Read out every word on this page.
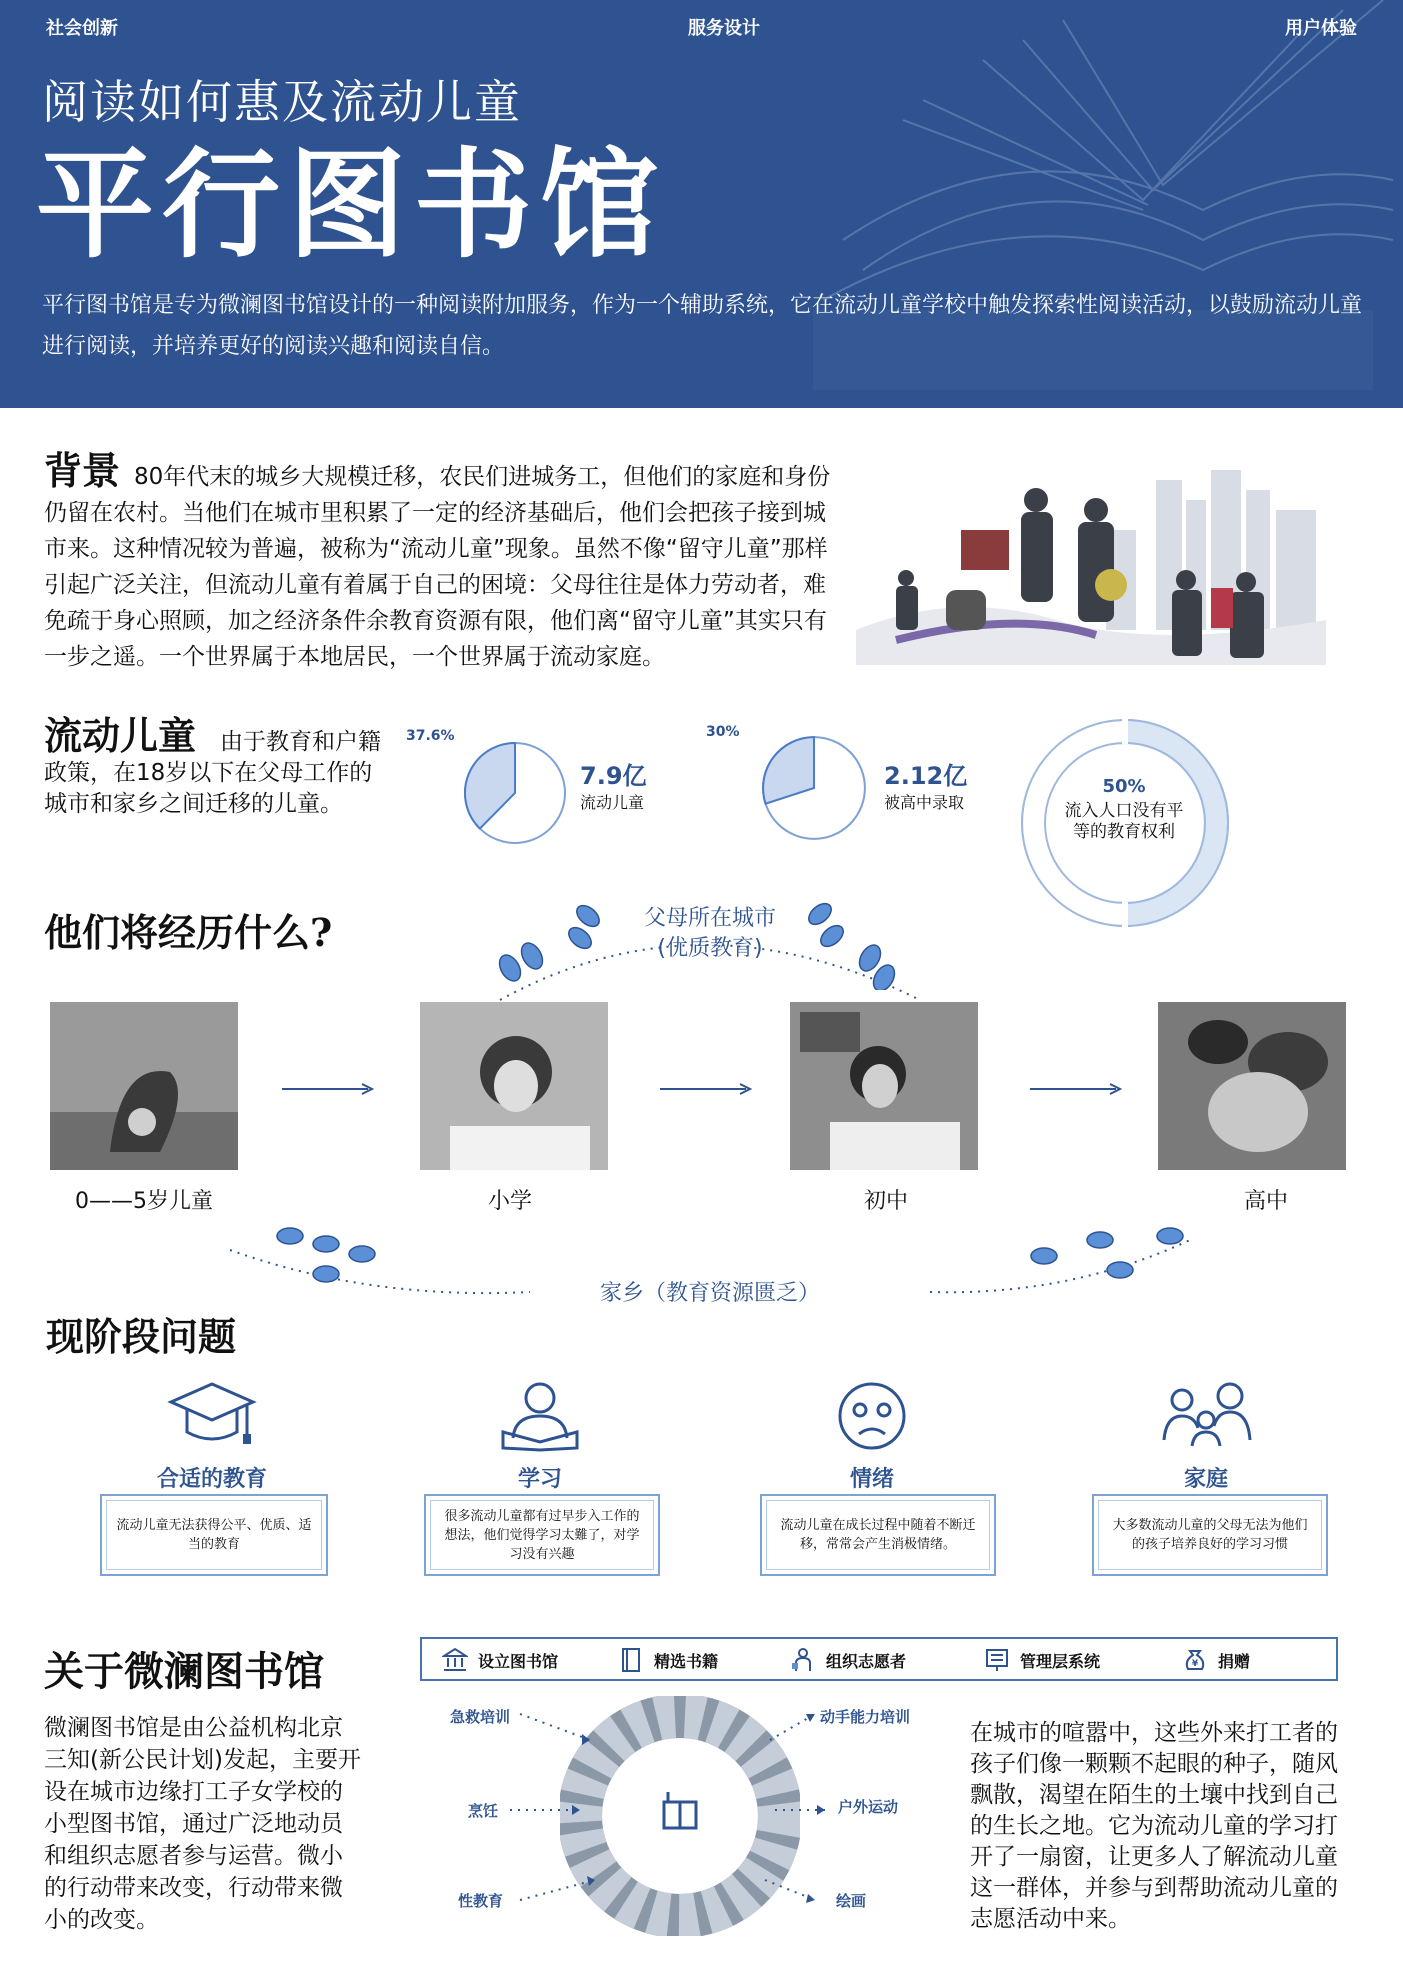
社会创新	服务设计	用户体验
阅读如何惠及流动儿童
平行图书馆
平行图书馆是专为微澜图书馆设计的一种阅读附加服务，作为一个辅助系统，它在流动儿童学校中触发探索性阅读活动，以鼓励流动儿童进行阅读，并培养更好的阅读兴趣和阅读自信。
背景 80年代末的城乡大规模迁移，农民们进城务工，但他们的家庭和身份仍留在农村。当他们在城市里积累了一定的经济基础后，他们会把孩子接到城市来。这种情况较为普遍，被称为“流动儿童”现象。虽然不像“留守儿童”那样引起广泛关注，但流动儿童有着属于自己的困境：父母往往是体力劳动者，难免疏于身心照顾，加之经济条件余教育资源有限，他们离“留守儿童”其实只有一步之遥。一个世界属于本地居民，一个世界属于流动家庭。
流动儿童 由于教育和户籍政策，在18岁以下在父母工作的城市和家乡之间迁移的儿童。
37.6%
7.9亿
流动儿童
30%
2.12亿
被高中录取
50%
流入人口没有平等的教育权利
他们将经历什么?	父母所在城市
(优质教育)
0——5岁儿童	小学	初中	高中
家乡（教育资源匮乏）
现阶段问题
合适的教育	学习	情绪	家庭
流动儿童无法获得公平、优质、适当的教育
很多流动儿童都有过早步入工作的想法，他们觉得学习太難了，对学习没有兴趣
流动儿童在成长过程中随着不断迁移，常常会产生消极情绪。
大多数流动儿童的父母无法为他们的孩子培养良好的学习习惯
关于微澜图书馆
微澜图书馆是由公益机构北京三知(新公民计划)发起，主要开设在城市边缘打工子女学校的小型图书馆，通过广泛地动员和组织志愿者参与运营。微小的行动带来改变，行动带来微小的改变。
设立图书馆	精选书籍	组织志愿者	管理层系统	¥ 捐赠
急救培训
烹饪
性教育
动手能力培训
户外运动
绘画
在城市的喧嚣中，这些外来打工者的孩子们像一颗颗不起眼的种子，随风飘散，渴望在陌生的土壤中找到自己的生长之地。它为流动儿童的学习打开了一扇窗，让更多人了解流动儿童这一群体，并参与到帮助流动儿童的志愿活动中来。
